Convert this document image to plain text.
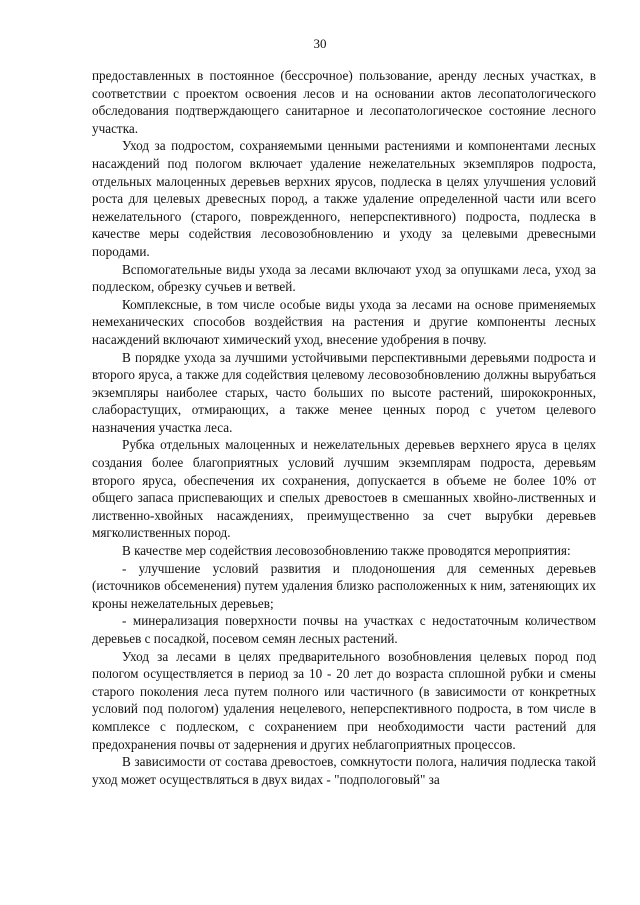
30

предоставленных в постоянное (бессрочное) пользование, аренду лесных участках, в соответствии с проектом освоения лесов и на основании актов лесопатологического обследования подтверждающего санитарное и лесопатологическое состояние лесного участка.

Уход за подростом, сохраняемыми ценными растениями и компонентами лесных насаждений под пологом включает удаление нежелательных экземпляров подроста, отдельных малоценных деревьев верхних ярусов, подлеска в целях улучшения условий роста для целевых древесных пород, а также удаление определенной части или всего нежелательного (старого, поврежденного, неперспективного) подроста, подлеска в качестве меры содействия лесовозобновлению и уходу за целевыми древесными породами.

Вспомогательные виды ухода за лесами включают уход за опушками леса, уход за подлеском, обрезку сучьев и ветвей.

Комплексные, в том числе особые виды ухода за лесами на основе применяемых немеханических способов воздействия на растения и другие компоненты лесных насаждений включают химический уход, внесение удобрения в почву.

В порядке ухода за лучшими устойчивыми перспективными деревьями подроста и второго яруса, а также для содействия целевому лесовозобновлению должны вырубаться экземпляры наиболее старых, часто больших по высоте растений, ширококронных, слаборастущих, отмирающих, а также менее ценных пород с учетом целевого назначения участка леса.

Рубка отдельных малоценных и нежелательных деревьев верхнего яруса в целях создания более благоприятных условий лучшим экземплярам подроста, деревьям второго яруса, обеспечения их сохранения, допускается в объеме не более 10% от общего запаса приспевающих и спелых древостоев в смешанных хвойно-лиственных и лиственно-хвойных насаждениях, преимущественно за счет вырубки деревьев мягколиственных пород.

В качестве мер содействия лесовозобновлению также проводятся мероприятия:

- улучшение условий развития и плодоношения для семенных деревьев (источников обсеменения) путем удаления близко расположенных к ним, затеняющих их кроны нежелательных деревьев;

- минерализация поверхности почвы на участках с недостаточным количеством деревьев с посадкой, посевом семян лесных растений.

Уход за лесами в целях предварительного возобновления целевых пород под пологом осуществляется в период за 10 - 20 лет до возраста сплошной рубки и смены старого поколения леса путем полного или частичного (в зависимости от конкретных условий под пологом) удаления нецелевого, неперспективного подроста, в том числе в комплексе с подлеском, с сохранением при необходимости части растений для предохранения почвы от задернения и других неблагоприятных процессов.

В зависимости от состава древостоев, сомкнутости полога, наличия подлеска такой уход может осуществляться в двух видах - "подпологовый" за
